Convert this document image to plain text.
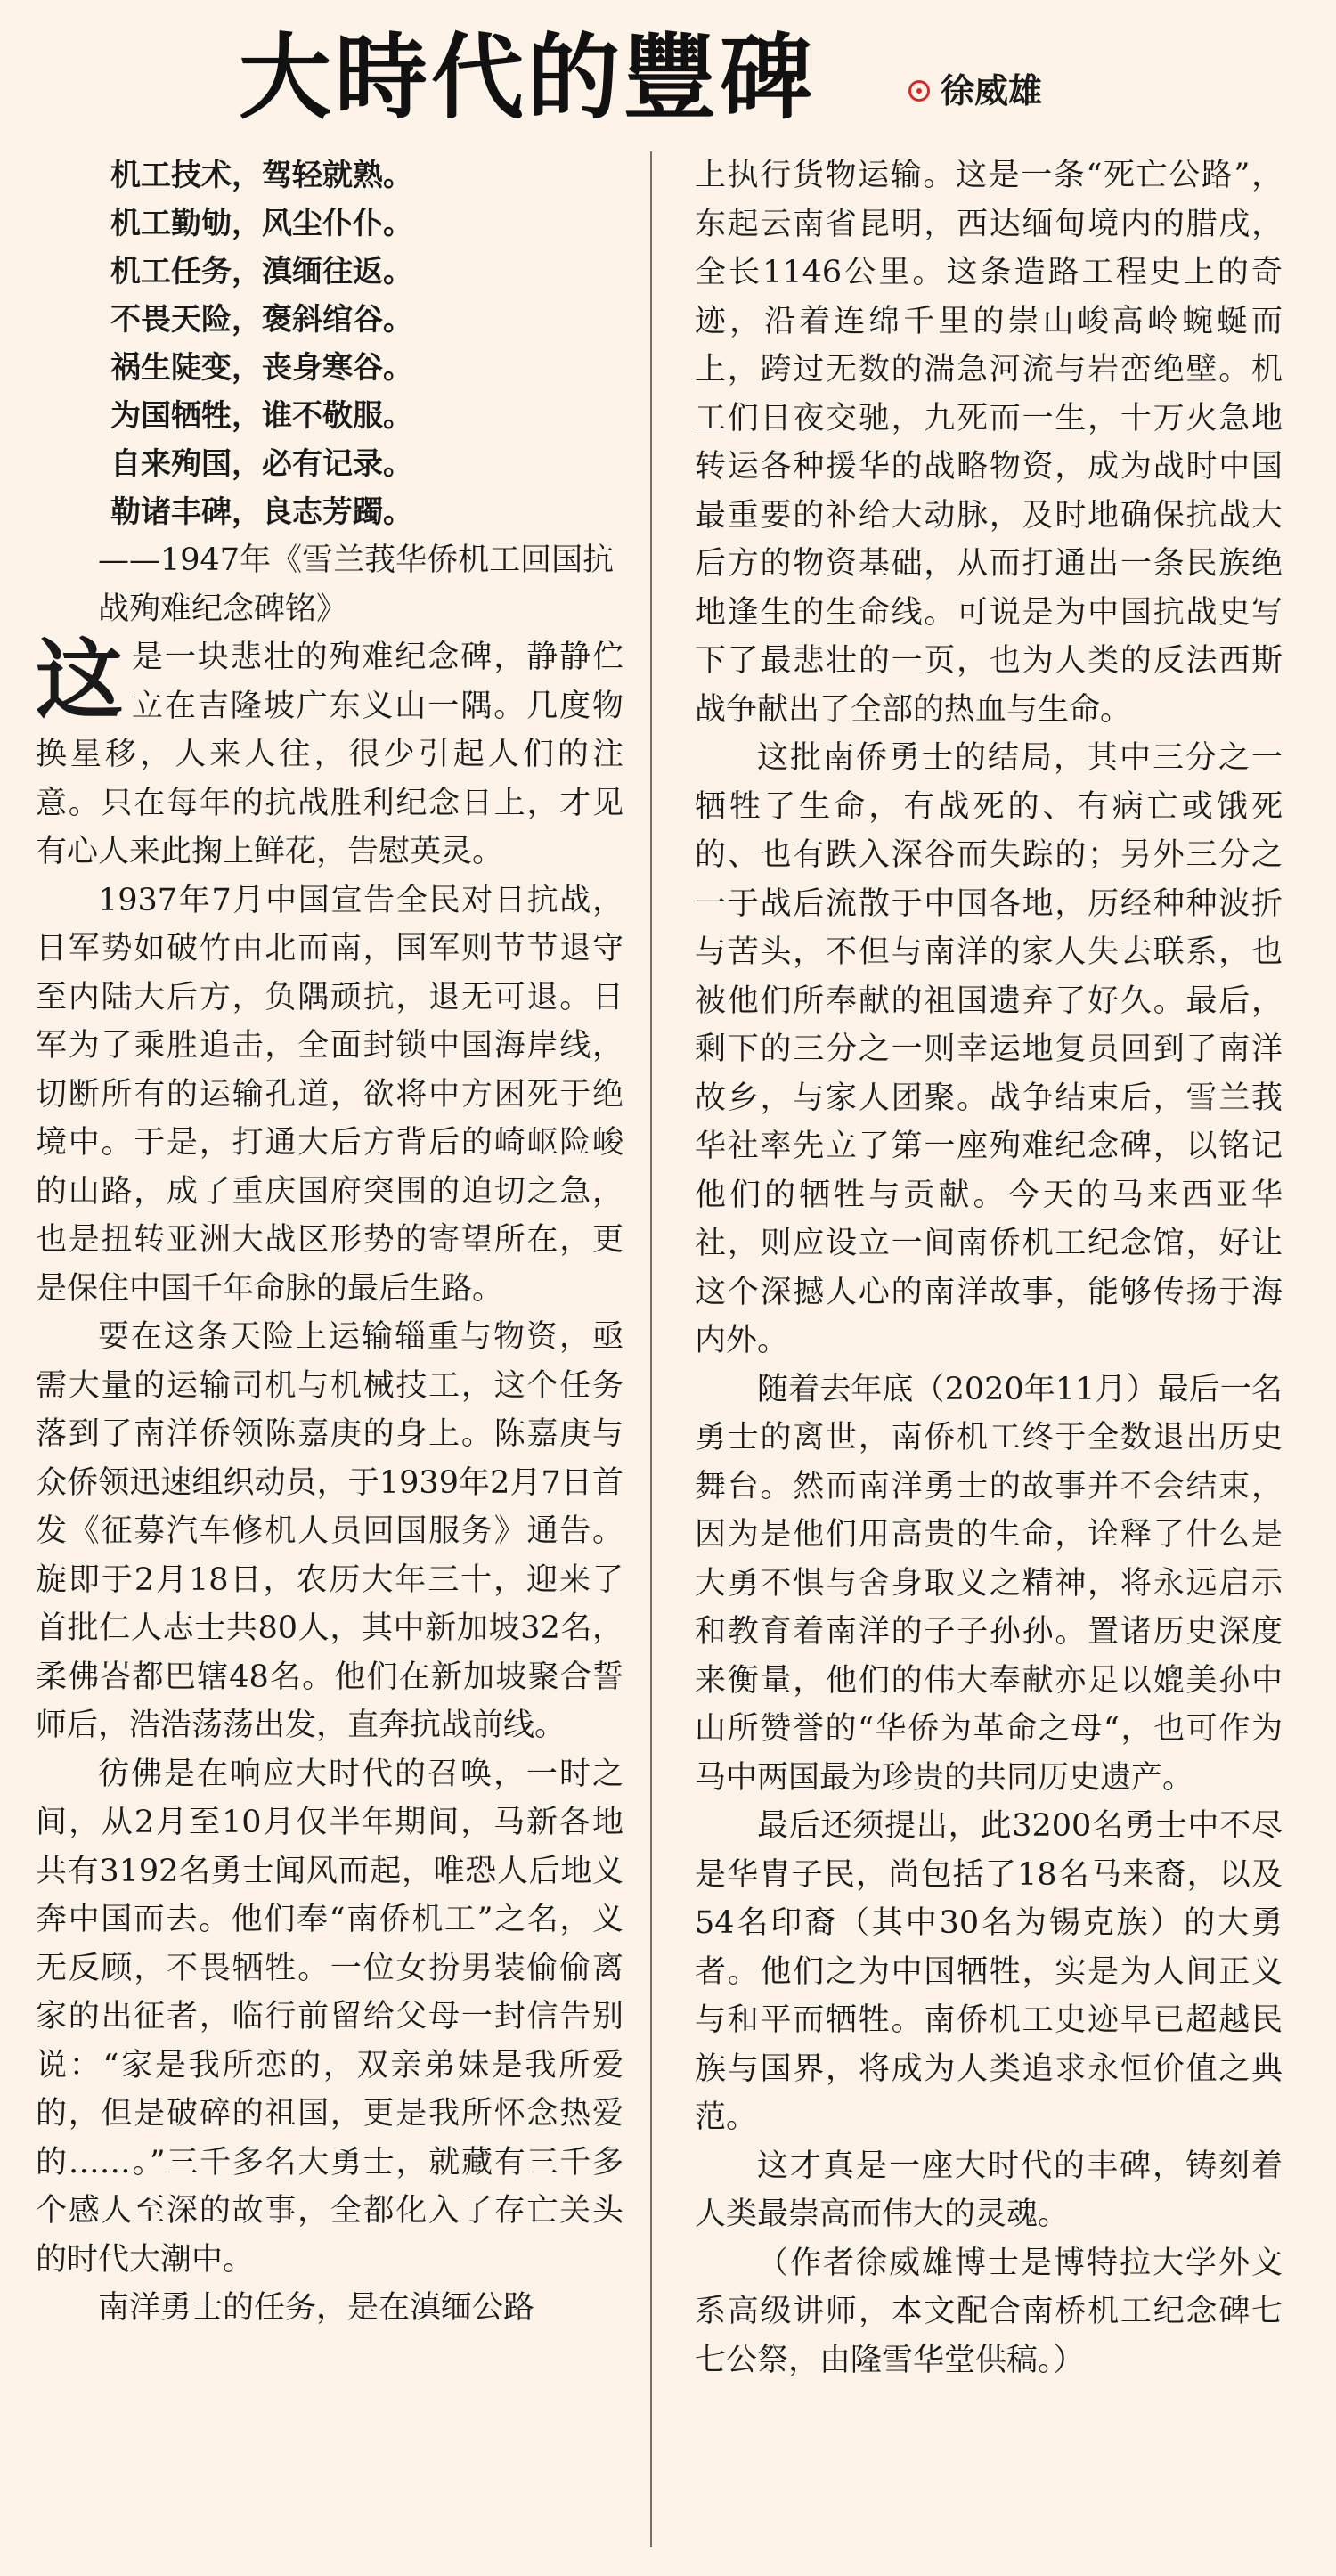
大時代的豐碑	徐威雄
机工技术，驾轻就熟。
机工勤劬，风尘仆仆。
机工任务，滇缅往返。
不畏天险，褒斜绾谷。
祸生陡变，丧身寒谷。
为国牺牲，谁不敬服。
自来殉国，必有记录。
勒诸丰碑，良志芳躅。

——1947年《雪兰莪华侨机工回国抗战殉难纪念碑铭》

这是一块悲壮的殉难纪念碑，静静伫立在吉隆坡广东义山一隅。几度物换星移，人来人往，很少引起人们的注意。只在每年的抗战胜利纪念日上，才见有心人来此掬上鲜花，告慰英灵。

1937年7月中国宣告全民对日抗战，日军势如破竹由北而南，国军则节节退守至内陆大后方，负隅顽抗，退无可退。日军为了乘胜追击，全面封锁中国海岸线，切断所有的运输孔道，欲将中方困死于绝境中。于是，打通大后方背后的崎岖险峻的山路，成了重庆国府突围的迫切之急，也是扭转亚洲大战区形势的寄望所在，更是保住中国千年命脉的最后生路。

要在这条天险上运输辎重与物资，亟需大量的运输司机与机械技工，这个任务落到了南洋侨领陈嘉庚的身上。陈嘉庚与众侨领迅速组织动员，于1939年2月7日首发《征募汽车修机人员回国服务》通告。旋即于2月18日，农历大年三十，迎来了首批仁人志士共80人，其中新加坡32名，柔佛峇都巴辖48名。他们在新加坡聚合誓师后，浩浩荡荡出发，直奔抗战前线。

彷佛是在响应大时代的召唤，一时之间，从2月至10月仅半年期间，马新各地共有3192名勇士闻风而起，唯恐人后地义奔中国而去。他们奉“南侨机工”之名，义无反顾，不畏牺牲。一位女扮男装偷偷离家的出征者，临行前留给父母一封信告别说：“家是我所恋的，双亲弟妹是我所爱的，但是破碎的祖国，更是我所怀念热爱的……。”三千多名大勇士，就藏有三千多个感人至深的故事，全都化入了存亡关头的时代大潮中。

南洋勇士的任务，是在滇缅公路

上执行货物运输。这是一条“死亡公路”，东起云南省昆明，西达缅甸境内的腊戌，全长1146公里。这条造路工程史上的奇迹，沿着连绵千里的崇山峻高岭蜿蜒而上，跨过无数的湍急河流与岩峦绝壁。机工们日夜交驰，九死而一生，十万火急地转运各种援华的战略物资，成为战时中国最重要的补给大动脉，及时地确保抗战大后方的物资基础，从而打通出一条民族绝地逢生的生命线。可说是为中国抗战史写下了最悲壮的一页，也为人类的反法西斯战争献出了全部的热血与生命。

这批南侨勇士的结局，其中三分之一牺牲了生命，有战死的、有病亡或饿死的、也有跌入深谷而失踪的；另外三分之一于战后流散于中国各地，历经种种波折与苦头，不但与南洋的家人失去联系，也被他们所奉献的祖国遗弃了好久。最后，剩下的三分之一则幸运地复员回到了南洋故乡，与家人团聚。战争结束后，雪兰莪华社率先立了第一座殉难纪念碑，以铭记他们的牺牲与贡献。今天的马来西亚华社，则应设立一间南侨机工纪念馆，好让这个深撼人心的南洋故事，能够传扬于海内外。

随着去年底（2020年11月）最后一名勇士的离世，南侨机工终于全数退出历史舞台。然而南洋勇士的故事并不会结束，因为是他们用高贵的生命，诠释了什么是大勇不惧与舍身取义之精神，将永远启示和教育着南洋的子子孙孙。置诸历史深度来衡量，他们的伟大奉献亦足以媲美孙中山所赞誉的“华侨为革命之母“，也可作为马中两国最为珍贵的共同历史遗产。

最后还须提出，此3200名勇士中不尽是华胄子民，尚包括了18名马来裔，以及54名印裔（其中30名为锡克族）的大勇者。他们之为中国牺牲，实是为人间正义与和平而牺牲。南侨机工史迹早已超越民族与国界，将成为人类追求永恒价值之典范。

这才真是一座大时代的丰碑，铸刻着人类最崇高而伟大的灵魂。

（作者徐威雄博士是博特拉大学外文系高级讲师，本文配合南桥机工纪念碑七七公祭，由隆雪华堂供稿。）
